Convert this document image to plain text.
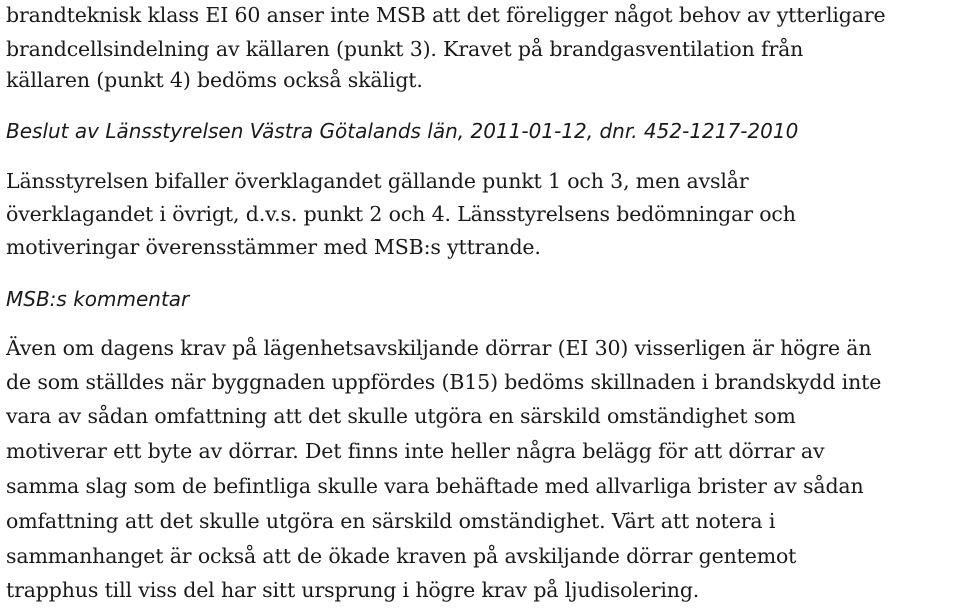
brandteknisk klass EI 60 anser inte MSB att det föreligger något behov av ytterligare
brandcellsindelning av källaren (punkt 3). Kravet på brandgasventilation från
källaren (punkt 4) bedöms också skäligt.
Beslut av Länsstyrelsen Västra Götalands län, 2011-01-12, dnr. 452-1217-2010
Länsstyrelsen bifaller överklagandet gällande punkt 1 och 3, men avslår
överklagandet i övrigt, d.v.s. punkt 2 och 4. Länsstyrelsens bedömningar och
motiveringar överensstämmer med MSB:s yttrande.
MSB:s kommentar
Även om dagens krav på lägenhetsavskiljande dörrar (EI 30) visserligen är högre än
de som ställdes när byggnaden uppfördes (B15) bedöms skillnaden i brandskydd inte
vara av sådan omfattning att det skulle utgöra en särskild omständighet som
motiverar ett byte av dörrar. Det finns inte heller några belägg för att dörrar av
samma slag som de befintliga skulle vara behäftade med allvarliga brister av sådan
omfattning att det skulle utgöra en särskild omständighet. Värt att notera i
sammanhanget är också att de ökade kraven på avskiljande dörrar gentemot
trapphus till viss del har sitt ursprung i högre krav på ljudisolering.
